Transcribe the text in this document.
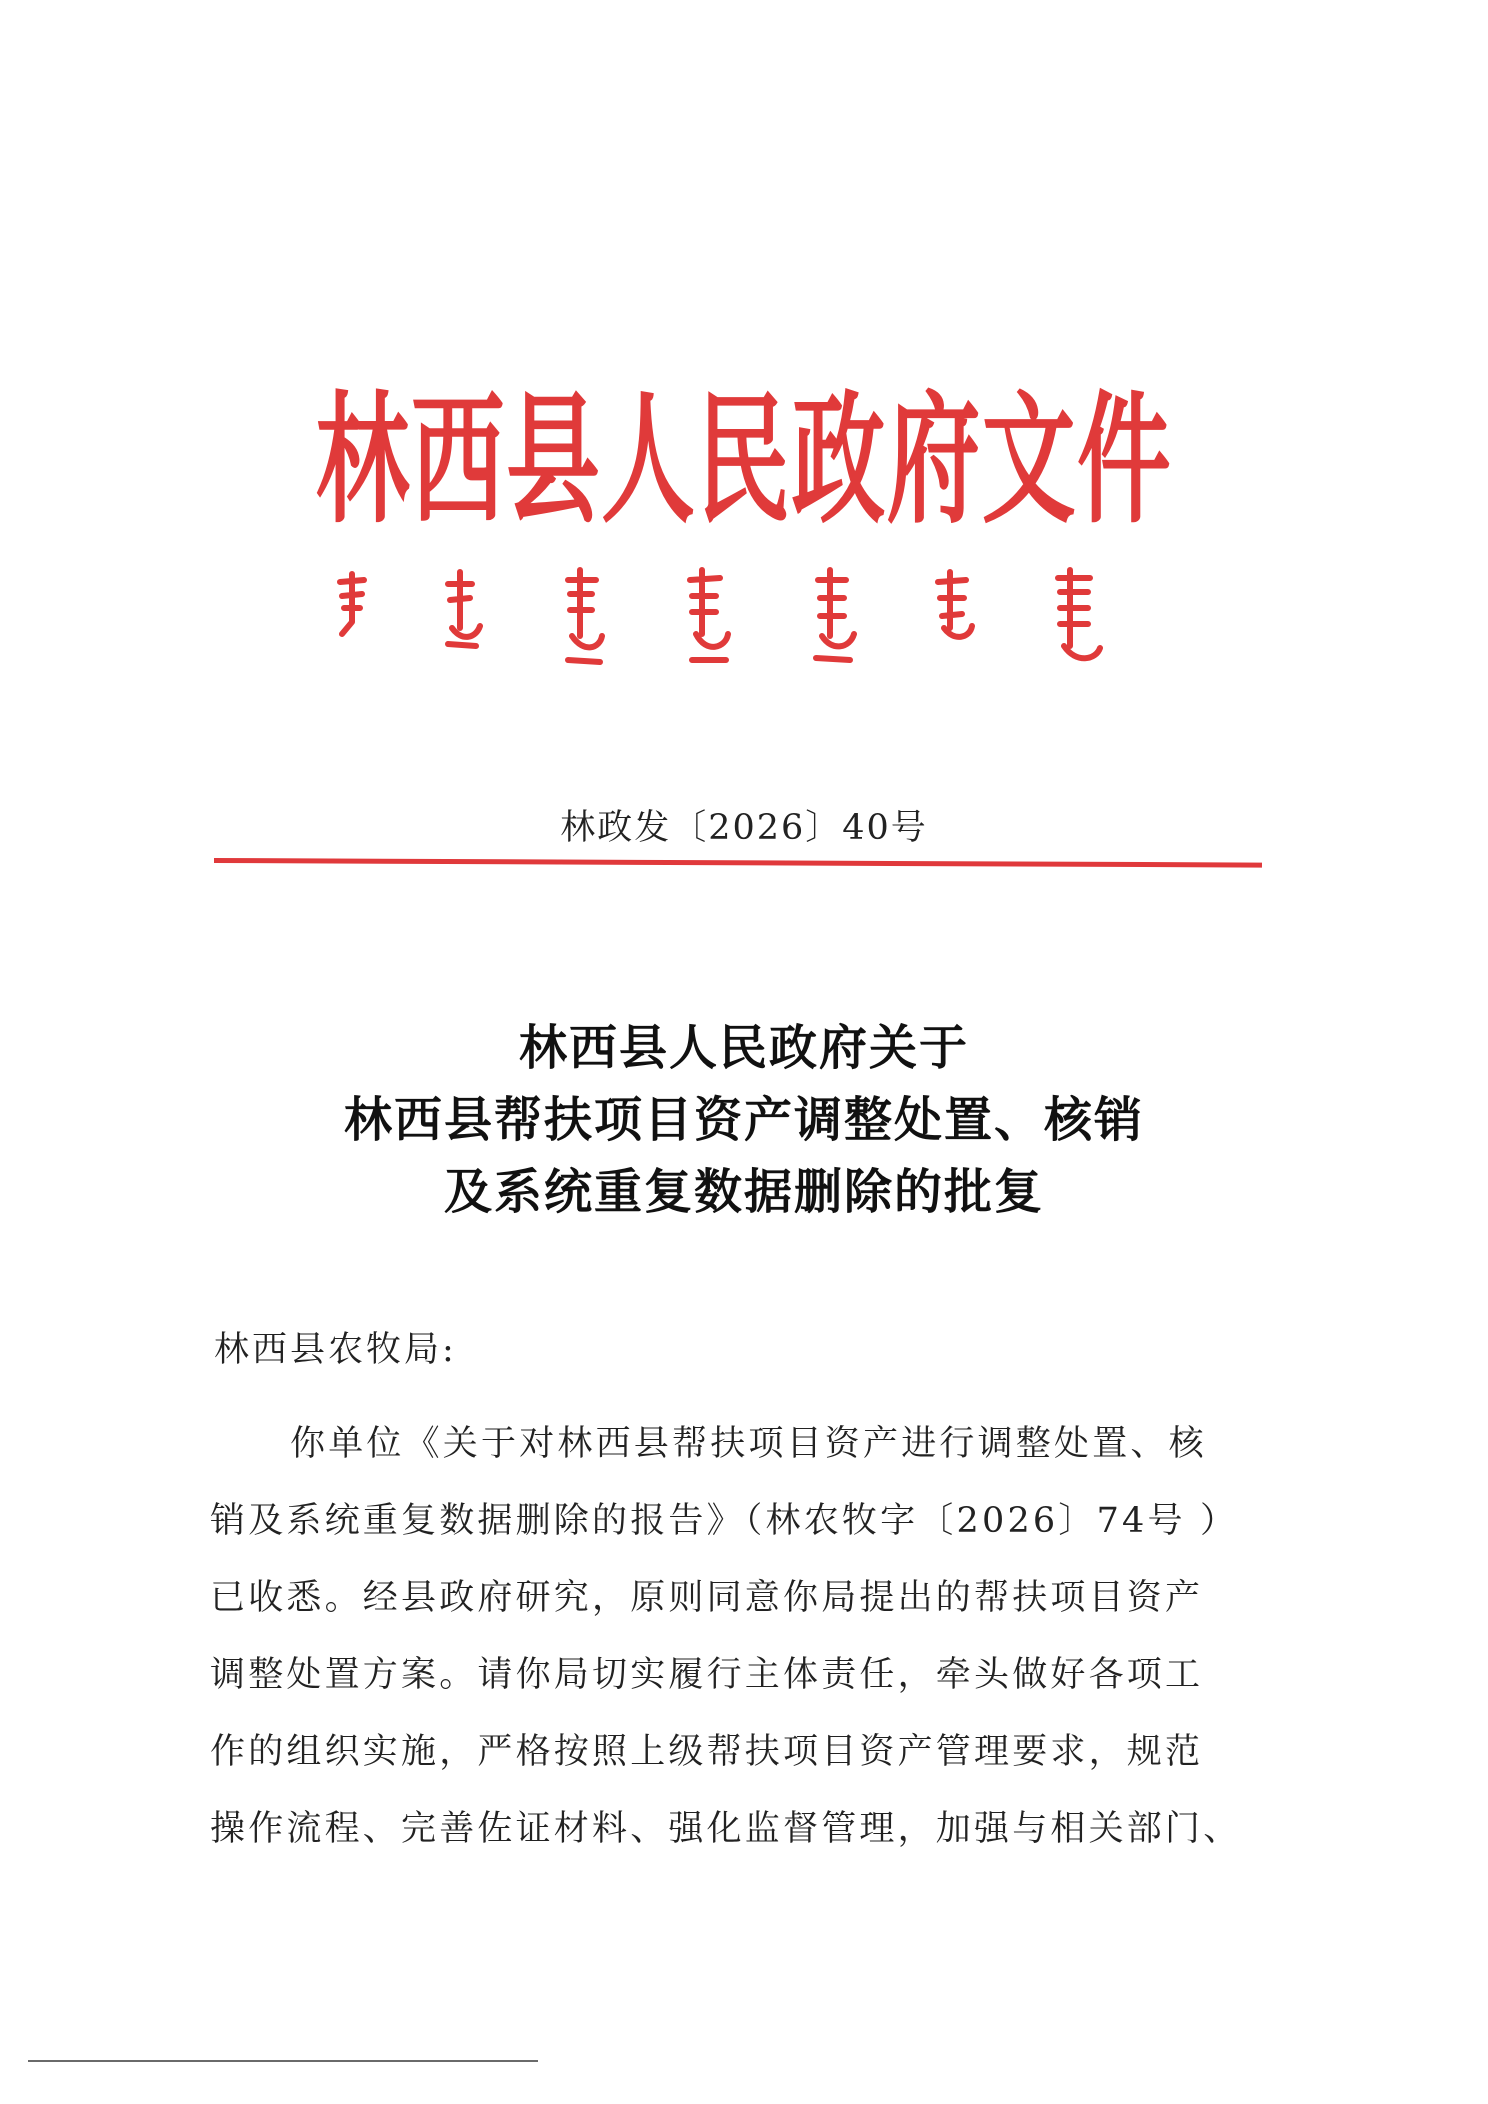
林西县人民政府文件
林政发〔2026〕40号
林西县人民政府关于
林西县帮扶项目资产调整处置、核销
及系统重复数据删除的批复
林西县农牧局:
你单位《关于对林西县帮扶项目资产进行调整处置、核
销及系统重复数据删除的报告》（林农牧字〔2026〕74号 ）
已收悉。经县政府研究，原则同意你局提出的帮扶项目资产
调整处置方案。请你局切实履行主体责任，牵头做好各项工
作的组织实施，严格按照上级帮扶项目资产管理要求，规范
操作流程、完善佐证材料、强化监督管理，加强与相关部门、
